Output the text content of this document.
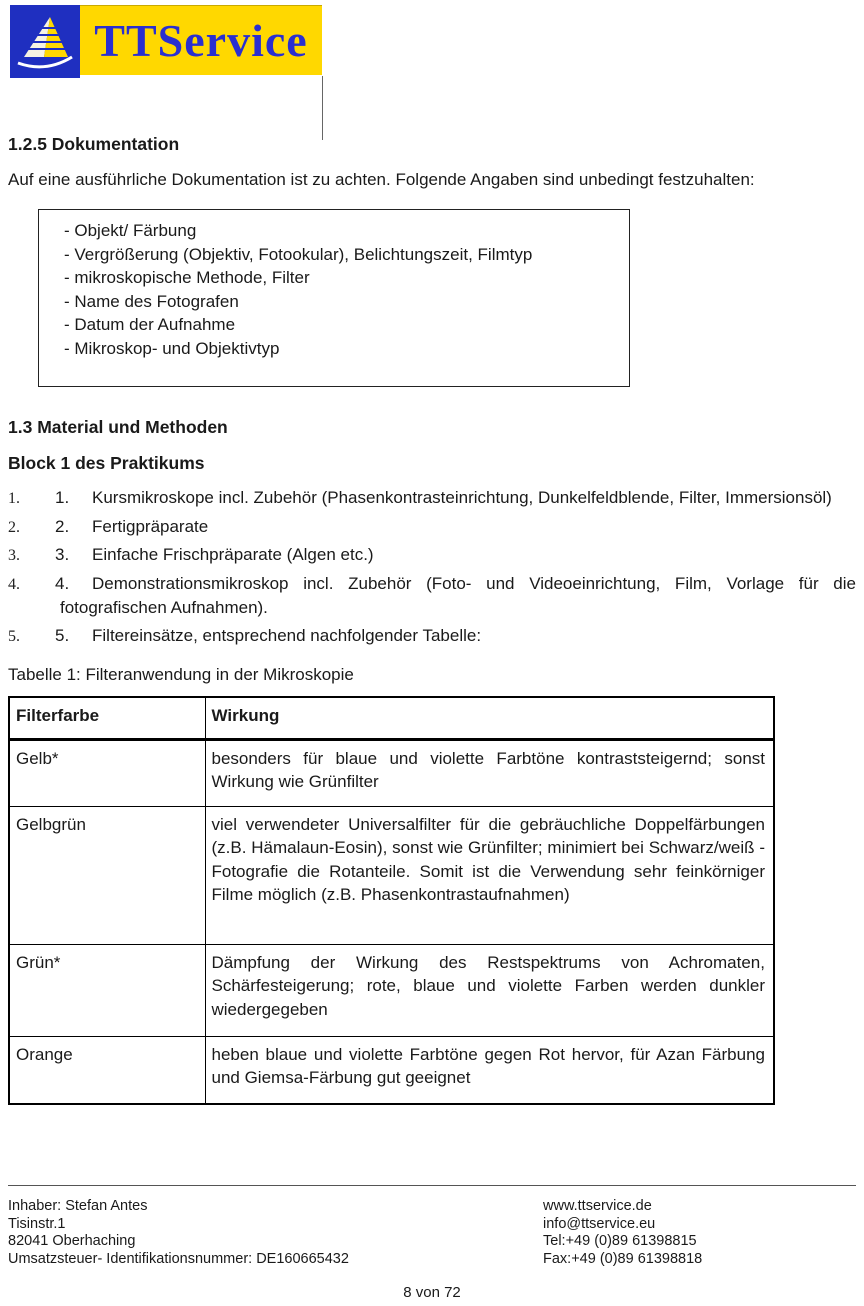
TTService
1.2.5 Dokumentation

Auf eine ausführliche Dokumentation ist zu achten. Folgende Angaben sind unbedingt festzuhalten:

- Objekt/ Färbung
- Vergrößerung (Objektiv, Fotookular), Belichtungszeit, Filmtyp
- mikroskopische Methode, Filter
- Name des Fotografen
- Datum der Aufnahme
- Mikroskop- und Objektivtyp
1.3 Material und Methoden
Block 1 des Praktikums
1. 1. Kursmikroskope incl. Zubehör (Phasenkontrasteinrichtung, Dunkelfeldblende, Filter, Immersionsöl)
2. 2. Fertigpräparate
3. 3. Einfache Frischpräparate (Algen etc.)
4. 4. Demonstrationsmikroskop incl. Zubehör (Foto- und Videoeinrichtung, Film, Vorlage für die fotografischen Aufnahmen).
5. 5. Filtereinsätze, entsprechend nachfolgender Tabelle:

Tabelle 1: Filteranwendung in der Mikroskopie

Filterfarbe	Wirkung
Gelb*	besonders für blaue und violette Farbtöne kontraststeigernd; sonst Wirkung wie Grünfilter
Gelbgrün	viel verwendeter Universalfilter für die gebräuchliche Doppelfärbungen (z.B. Hämalaun-Eosin), sonst wie Grünfilter; minimiert bei Schwarz/weiß -Fotografie die Rotanteile. Somit ist die Verwendung sehr feinkörniger Filme möglich (z.B. Phasenkontrastaufnahmen)
Grün*	Dämpfung der Wirkung des Restspektrums von Achromaten, Schärfesteigerung; rote, blaue und violette Farben werden dunkler wiedergegeben
Orange	heben blaue und violette Farbtöne gegen Rot hervor, für Azan Färbung und Giemsa-Färbung gut geeignet
Inhaber: Stefan Antes
Tisinstr.1
82041 Oberhaching
Umsatzsteuer- Identifikationsnummer: DE160665432
www.ttservice.de
info@ttservice.eu
Tel:+49 (0)89 61398815
Fax:+49 (0)89 61398818
8 von 72
